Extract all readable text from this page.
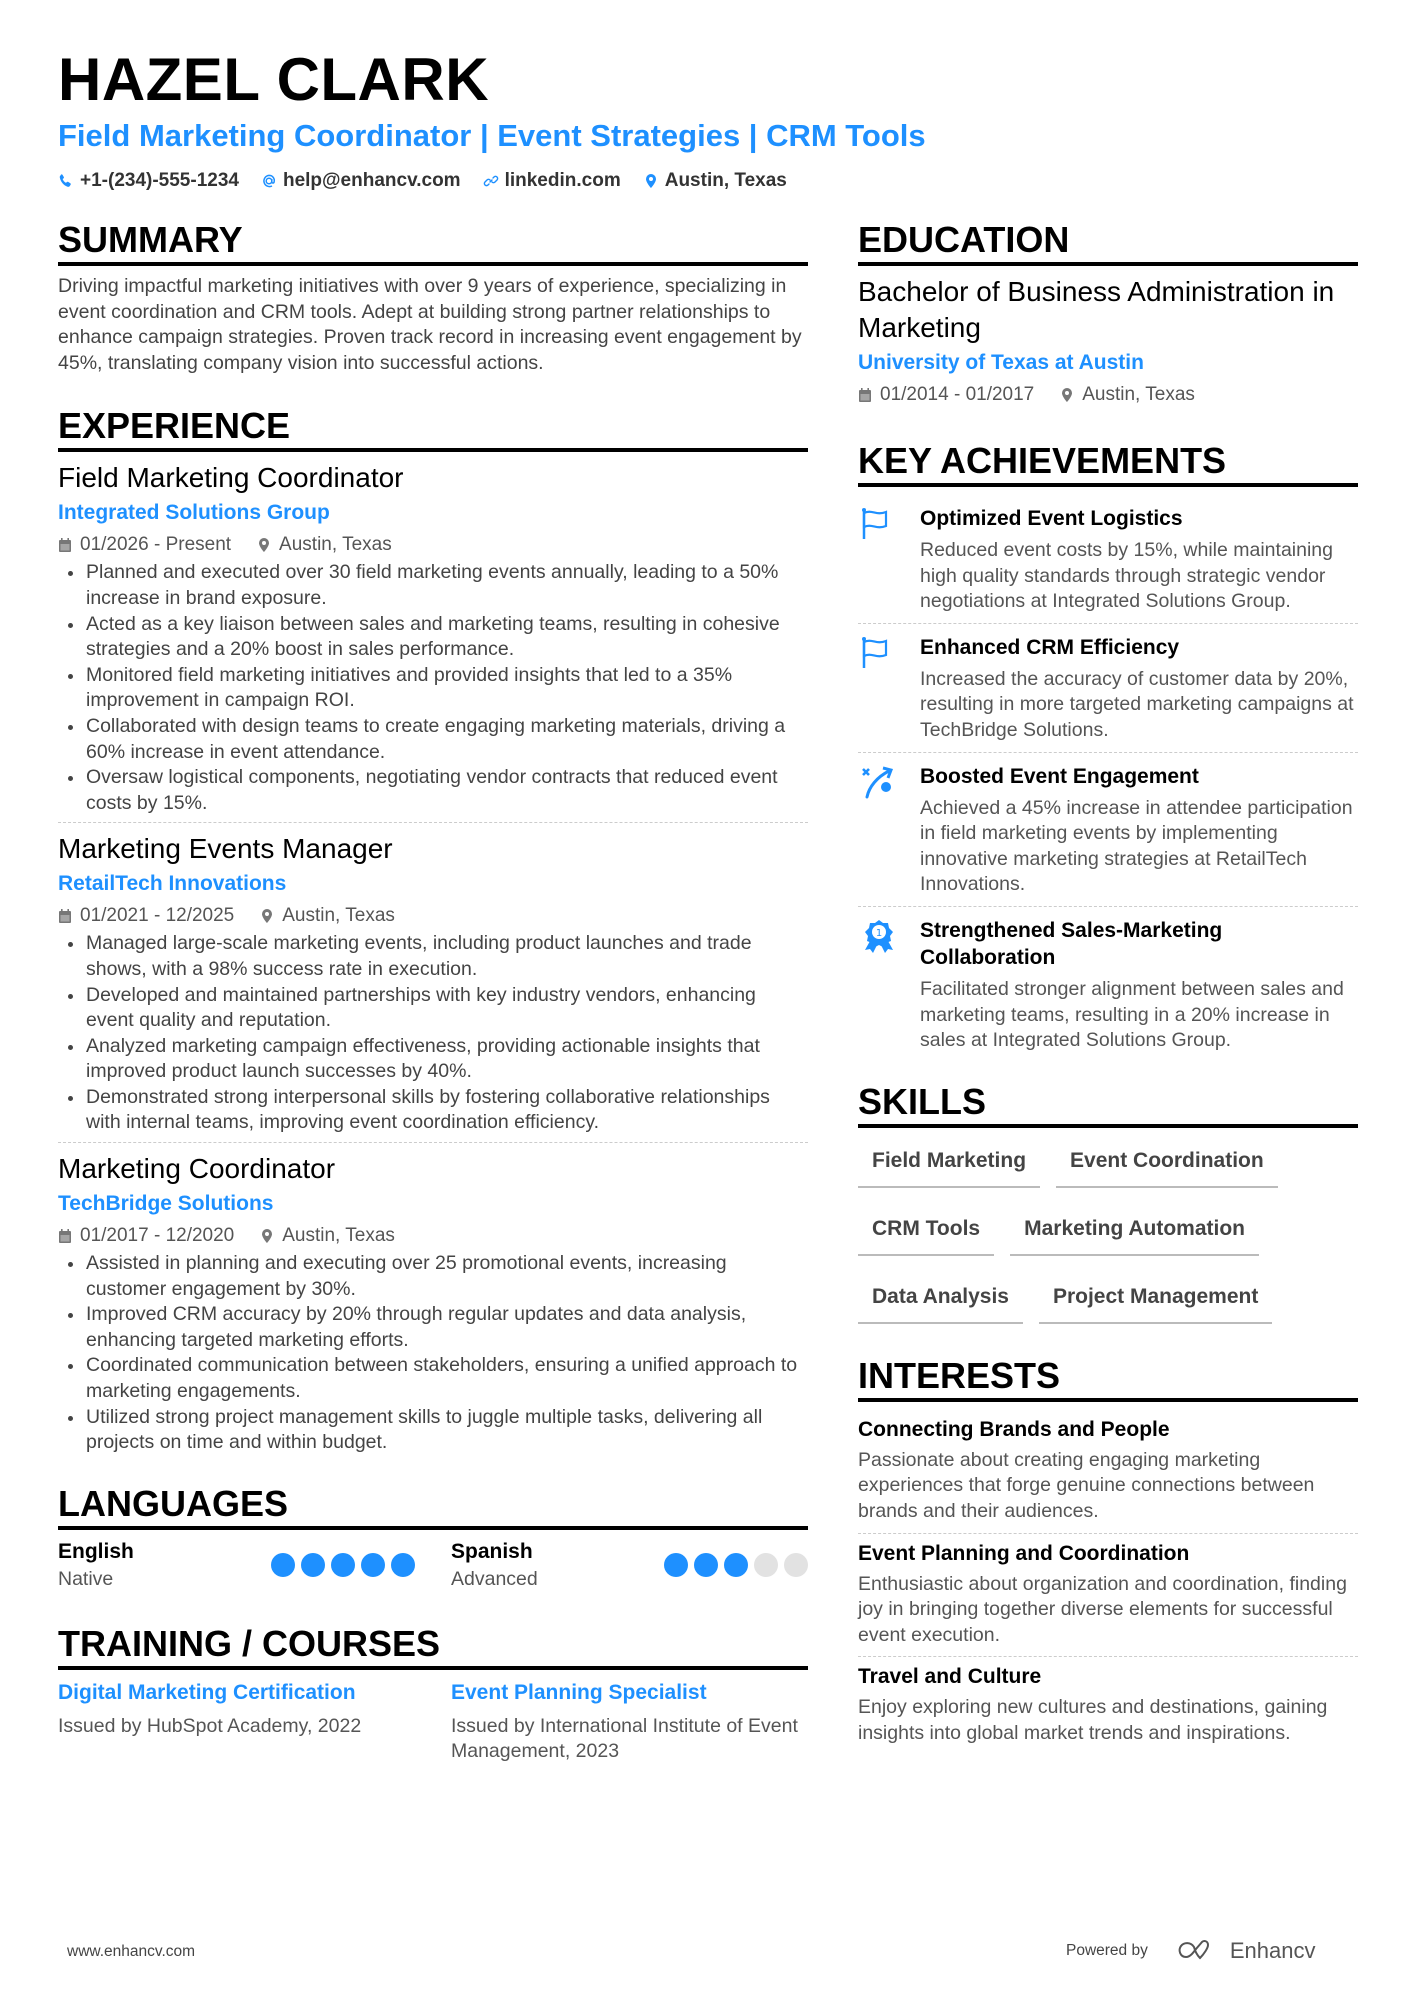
HAZEL CLARK
Field Marketing Coordinator | Event Strategies | CRM Tools
+1-(234)-555-1234 help@enhancv.com linkedin.com Austin, Texas
SUMMARY
Driving impactful marketing initiatives with over 9 years of experience, specializing in event coordination and CRM tools. Adept at building strong partner relationships to enhance campaign strategies. Proven track record in increasing event engagement by 45%, translating company vision into successful actions.
EXPERIENCE
Field Marketing Coordinator
Integrated Solutions Group
01/2026 - Present	Austin, Texas
Planned and executed over 30 field marketing events annually, leading to a 50% increase in brand exposure.
Acted as a key liaison between sales and marketing teams, resulting in cohesive strategies and a 20% boost in sales performance.
Monitored field marketing initiatives and provided insights that led to a 35% improvement in campaign ROI.
Collaborated with design teams to create engaging marketing materials, driving a 60% increase in event attendance.
Oversaw logistical components, negotiating vendor contracts that reduced event costs by 15%.
Marketing Events Manager
RetailTech Innovations
01/2021 - 12/2025	Austin, Texas
Managed large-scale marketing events, including product launches and trade shows, with a 98% success rate in execution.
Developed and maintained partnerships with key industry vendors, enhancing event quality and reputation.
Analyzed marketing campaign effectiveness, providing actionable insights that improved product launch successes by 40%.
Demonstrated strong interpersonal skills by fostering collaborative relationships with internal teams, improving event coordination efficiency.
Marketing Coordinator
TechBridge Solutions
01/2017 - 12/2020	Austin, Texas
Assisted in planning and executing over 25 promotional events, increasing customer engagement by 30%.
Improved CRM accuracy by 20% through regular updates and data analysis, enhancing targeted marketing efforts.
Coordinated communication between stakeholders, ensuring a unified approach to marketing engagements.
Utilized strong project management skills to juggle multiple tasks, delivering all projects on time and within budget.
LANGUAGES
English
Native
Spanish
Advanced
TRAINING / COURSES
Digital Marketing Certification
Issued by HubSpot Academy, 2022
Event Planning Specialist
Issued by International Institute of Event Management, 2023
EDUCATION
Bachelor of Business Administration in Marketing
University of Texas at Austin
01/2014 - 01/2017	Austin, Texas
KEY ACHIEVEMENTS
Optimized Event Logistics
Reduced event costs by 15%, while maintaining high quality standards through strategic vendor negotiations at Integrated Solutions Group.
Enhanced CRM Efficiency
Increased the accuracy of customer data by 20%, resulting in more targeted marketing campaigns at TechBridge Solutions.
Boosted Event Engagement
Achieved a 45% increase in attendee participation in field marketing events by implementing innovative marketing strategies at RetailTech Innovations.
1 Strengthened Sales-Marketing Collaboration
Facilitated stronger alignment between sales and marketing teams, resulting in a 20% increase in sales at Integrated Solutions Group.
SKILLS
Field Marketing	Event Coordination
CRM Tools	Marketing Automation
Data Analysis	Project Management
INTERESTS
Connecting Brands and People
Passionate about creating engaging marketing experiences that forge genuine connections between brands and their audiences.
Event Planning and Coordination
Enthusiastic about organization and coordination, finding joy in bringing together diverse elements for successful event execution.
Travel and Culture
Enjoy exploring new cultures and destinations, gaining insights into global market trends and inspirations.
www.enhancv.com	Powered by	Enhancv
